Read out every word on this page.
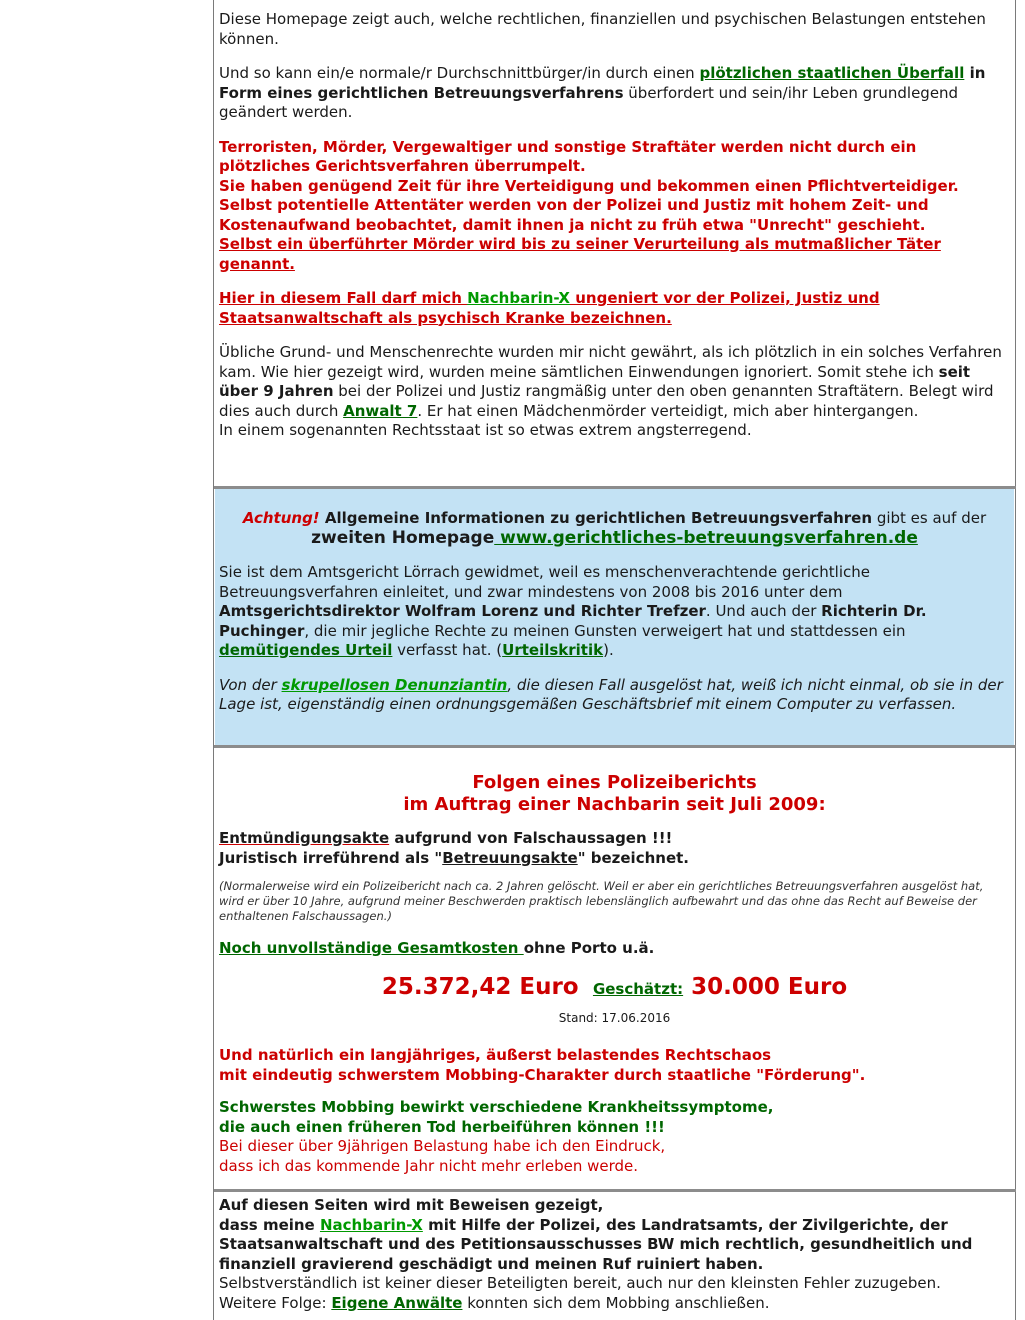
Diese Homepage zeigt auch, welche rechtlichen, finanziellen und psychischen Belastungen entstehen können.

Und so kann ein/e normale/r Durchschnittbürger/in durch einen plötzlichen staatlichen Überfall in Form eines gerichtlichen Betreuungsverfahrens überfordert und sein/ihr Leben grundlegend geändert werden.

Terroristen, Mörder, Vergewaltiger und sonstige Straftäter werden nicht durch ein plötzliches Gerichtsverfahren überrumpelt.
Sie haben genügend Zeit für ihre Verteidigung und bekommen einen Pflichtverteidiger. Selbst potentielle Attentäter werden von der Polizei und Justiz mit hohem Zeit- und Kostenaufwand beobachtet, damit ihnen ja nicht zu früh etwa "Unrecht" geschieht.
Selbst ein überführter Mörder wird bis zu seiner Verurteilung als mutmaßlicher Täter genannt.

Hier in diesem Fall darf mich Nachbarin-X ungeniert vor der Polizei, Justiz und Staatsanwaltschaft als psychisch Kranke bezeichnen.

Übliche Grund- und Menschenrechte wurden mir nicht gewährt, als ich plötzlich in ein solches Verfahren kam. Wie hier gezeigt wird, wurden meine sämtlichen Einwendungen ignoriert. Somit stehe ich seit über 9 Jahren bei der Polizei und Justiz rangmäßig unter den oben genannten Straftätern. Belegt wird dies auch durch Anwalt 7. Er hat einen Mädchenmörder verteidigt, mich aber hintergangen.
In einem sogenannten Rechtsstaat ist so etwas extrem angsterregend.

Achtung! Allgemeine Informationen zu gerichtlichen Betreuungsverfahren gibt es auf der zweiten Homepage www.gerichtliches-betreuungsverfahren.de

Sie ist dem Amtsgericht Lörrach gewidmet, weil es menschenverachtende gerichtliche Betreuungsverfahren einleitet, und zwar mindestens von 2008 bis 2016 unter dem Amtsgerichtsdirektor Wolfram Lorenz und Richter Trefzer. Und auch der Richterin Dr. Puchinger, die mir jegliche Rechte zu meinen Gunsten verweigert hat und stattdessen ein demütigendes Urteil verfasst hat. (Urteilskritik).

Von der skrupellosen Denunziantin, die diesen Fall ausgelöst hat, weiß ich nicht einmal, ob sie in der Lage ist, eigenständig einen ordnungsgemäßen Geschäftsbrief mit einem Computer zu verfassen.

Folgen eines Polizeiberichts
im Auftrag einer Nachbarin seit Juli 2009:

Entmündigungsakte aufgrund von Falschaussagen !!!
Juristisch irreführend als "Betreuungsakte" bezeichnet.

(Normalerweise wird ein Polizeibericht nach ca. 2 Jahren gelöscht. Weil er aber ein gerichtliches Betreuungsverfahren ausgelöst hat, wird er über 10 Jahre, aufgrund meiner Beschwerden praktisch lebenslänglich aufbewahrt und das ohne das Recht auf Beweise der enthaltenen Falschaussagen.)

Noch unvollständige Gesamtkosten ohne Porto u.ä.

25.372,42 Euro Geschätzt: 30.000 Euro

Stand: 17.06.2016

Und natürlich ein langjähriges, äußerst belastendes Rechtschaos
mit eindeutig schwerstem Mobbing-Charakter durch staatliche "Förderung".

Schwerstes Mobbing bewirkt verschiedene Krankheitssymptome,
die auch einen früheren Tod herbeiführen können !!!
Bei dieser über 9jährigen Belastung habe ich den Eindruck,
dass ich das kommende Jahr nicht mehr erleben werde.

Auf diesen Seiten wird mit Beweisen gezeigt,
dass meine Nachbarin-X mit Hilfe der Polizei, des Landratsamts, der Zivilgerichte, der Staatsanwaltschaft und des Petitionsausschusses BW mich rechtlich, gesundheitlich und finanziell gravierend geschädigt und meinen Ruf ruiniert haben.

Selbstverständlich ist keiner dieser Beteiligten bereit, auch nur den kleinsten Fehler zuzugeben.
Weitere Folge: Eigene Anwälte konnten sich dem Mobbing anschließen.
